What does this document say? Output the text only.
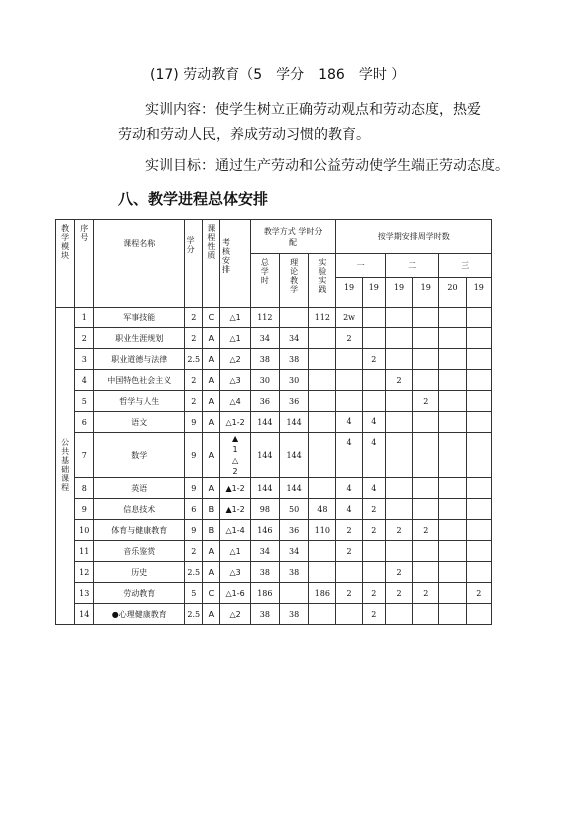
(17) 劳动教育（5　学分　186　学时 ）
实训内容：使学生树立正确劳动观点和劳动态度，热爱
劳动和劳动人民，养成劳动习惯的教育。
实训目标：通过生产劳动和公益劳动使学生端正劳动态度。
八、教学进程总体安排
教学模块	序号	课程名称	学分	课程性质	考核安排	教学方式 学时分配			按学期安排周学时数					
						总学时	理论教学	实验实践	一		二		三	
									19	19	19	19	20	19
公共基础课程	1	军事技能	2	C	△1	112		112	2w					
	2	职业生涯规划	2	A	△1	34	34		2					
	3	职业道德与法律	2.5	A	△2	38	38			2				
	4	中国特色社会主义	2	A	△3	30	30				2			
	5	哲学与人生	2	A	△4	36	36					2		
	6	语文	9	A	△1-2	144	144		4	4				
	7	数学	9	A	▲ 1 △ 2	144	144		4	4				
	8	英语	9	A	▲1-2	144	144		4	4				
	9	信息技术	6	B	▲1-2	98	50	48	4	2				
	10	体育与健康教育	9	B	△1-4	146	36	110	2	2	2	2		
	11	音乐鉴赏	2	A	△1	34	34		2					
	12	历史	2.5	A	△3	38	38				2			
	13	劳动教育	5	C	△1-6	186		186	2	2	2	2		2
	14	●心理健康教育	2.5	A	△2	38	38			2				
